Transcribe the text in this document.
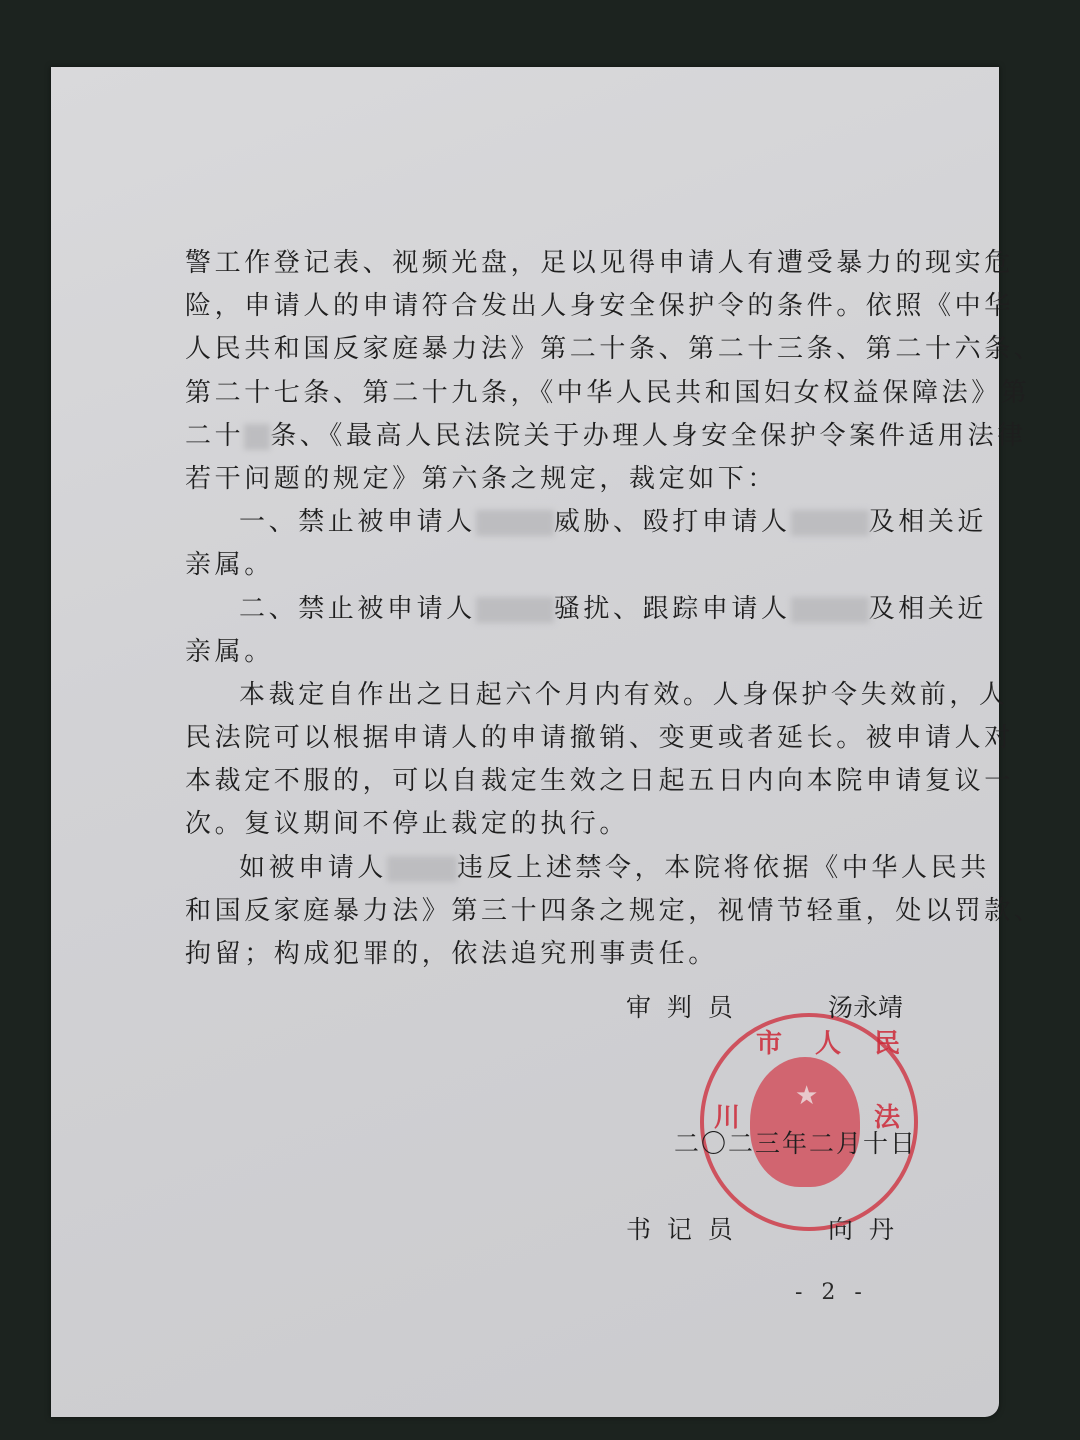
警工作登记表、视频光盘，足以见得申请人有遭受暴力的现实危
险，申请人的申请符合发出人身安全保护令的条件。依照《中华
人民共和国反家庭暴力法》第二十条、第二十三条、第二十六条、
第二十七条、第二十九条，《中华人民共和国妇女权益保障法》第
二十 条、《最高人民法院关于办理人身安全保护令案件适用法律
若干问题的规定》第六条之规定，裁定如下：
一、禁止被申请人	威胁、殴打申请人	及相关近
亲属。
二、禁止被申请人	骚扰、跟踪申请人	及相关近
亲属。
本裁定自作出之日起六个月内有效。人身保护令失效前，人
民法院可以根据申请人的申请撤销、变更或者延长。被申请人对
本裁定不服的，可以自裁定生效之日起五日内向本院申请复议一
次。复议期间不停止裁定的执行。
如被申请人	违反上述禁令，本院将依据《中华人民共
和国反家庭暴力法》第三十四条之规定，视情节轻重，处以罚款、
拘留；构成犯罪的，依法追究刑事责任。
★
市 人 民
川	法
审  判  员	汤永靖
二〇二三年二月十日
书  记  员	向  丹
- 2 -
